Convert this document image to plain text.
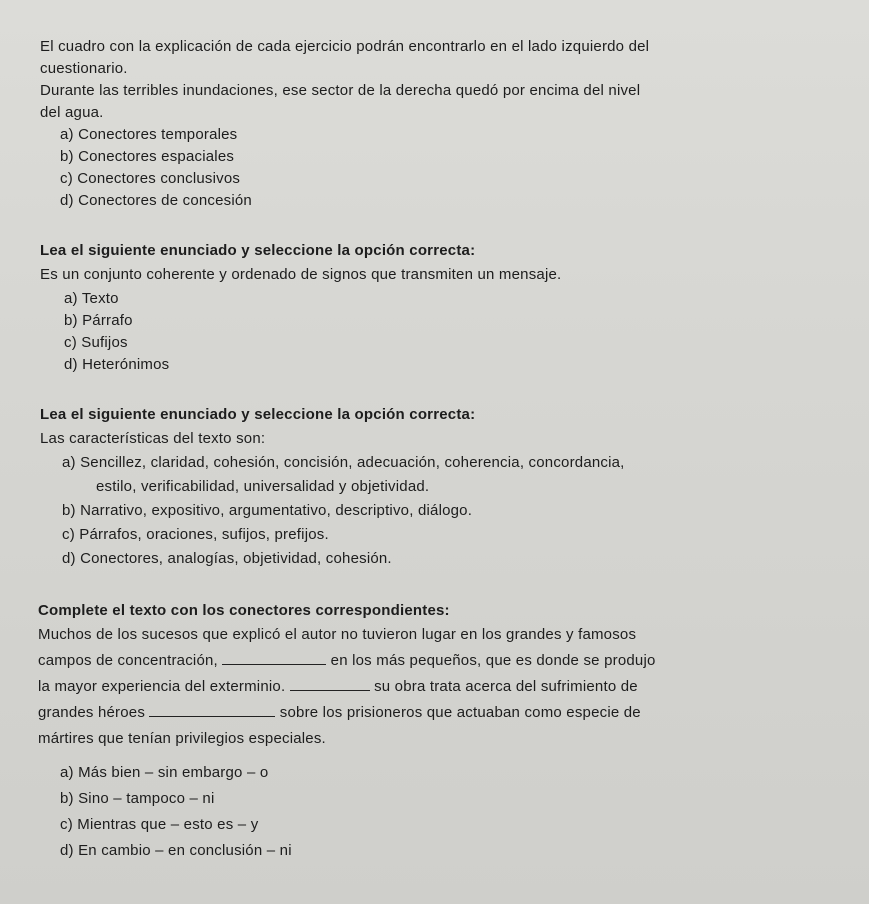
El cuadro con la explicación de cada ejercicio podrán encontrarlo en el lado izquierdo del

cuestionario.

Durante las terribles inundaciones, ese sector de la derecha quedó por encima del nivel

del agua.

a) Conectores temporales

b) Conectores espaciales

c) Conectores conclusivos

d) Conectores de concesión

Lea el siguiente enunciado y seleccione la opción correcta:

Es un conjunto coherente y ordenado de signos que transmiten un mensaje.

a) Texto

b) Párrafo

c) Sufijos

d) Heterónimos

Lea el siguiente enunciado y seleccione la opción correcta:

Las características del texto son:

a) Sencillez, claridad, cohesión, concisión, adecuación, coherencia, concordancia,

estilo, verificabilidad, universalidad y objetividad.

b) Narrativo, expositivo, argumentativo, descriptivo, diálogo.

c) Párrafos, oraciones, sufijos, prefijos.

d) Conectores, analogías, objetividad, cohesión.

Complete el texto con los conectores correspondientes:

Muchos de los sucesos que explicó el autor no tuvieron lugar en los grandes y famosos

campos de concentración,	en los más pequeños, que es donde se produjo

la mayor experiencia del exterminio.	su obra trata acerca del sufrimiento de

grandes héroes	sobre los prisioneros que actuaban como especie de

mártires que tenían privilegios especiales.

a) Más bien – sin embargo – o

b) Sino – tampoco – ni

c) Mientras que – esto es – y

d) En cambio – en conclusión – ni
